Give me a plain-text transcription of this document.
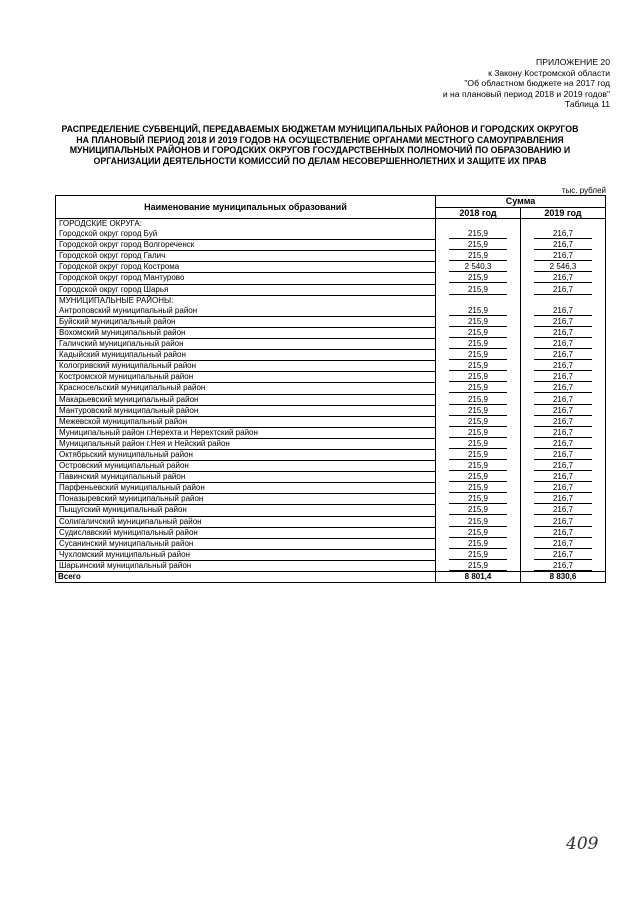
ПРИЛОЖЕНИЕ 20
к Закону Костромской области
"Об областном бюджете на 2017 год
и на плановый период 2018 и 2019 годов"
Таблица 11
РАСПРЕДЕЛЕНИЕ СУБВЕНЦИЙ, ПЕРЕДАВАЕМЫХ БЮДЖЕТАМ МУНИЦИПАЛЬНЫХ РАЙОНОВ И ГОРОДСКИХ ОКРУГОВ НА ПЛАНОВЫЙ ПЕРИОД 2018 И 2019 ГОДОВ НА ОСУЩЕСТВЛЕНИЕ ОРГАНАМИ МЕСТНОГО САМОУПРАВЛЕНИЯ МУНИЦИПАЛЬНЫХ РАЙОНОВ И ГОРОДСКИХ ОКРУГОВ ГОСУДАРСТВЕННЫХ ПОЛНОМОЧИЙ ПО ОБРАЗОВАНИЮ И ОРГАНИЗАЦИИ ДЕЯТЕЛЬНОСТИ КОМИССИЙ ПО ДЕЛАМ НЕСОВЕРШЕННОЛЕТНИХ И ЗАЩИТЕ ИХ ПРАВ
тыс. рублей
Наименование муниципальных образований	Сумма	
	2018 год	2019 год
ГОРОДСКИЕ ОКРУГА:		
Городской округ город Буй	215,9	216,7
Городской округ город Волгореченск	215,9	216,7
Городской округ город Галич	215,9	216,7
Городской округ город Кострома	2 540,3	2 546,3
Городской округ город Мантурово	215,9	216,7
Городской округ город Шарья	215,9	216,7
МУНИЦИПАЛЬНЫЕ РАЙОНЫ:		
Антроповский муниципальный район	215,9	216,7
Буйский муниципальный район	215,9	216,7
Вохомский муниципальный район	215,9	216,7
Галичский муниципальный район	215,9	216,7
Кадыйский муниципальный район	215,9	216,7
Кологривский муниципальный район	215,9	216,7
Костромской муниципальный район	215,9	216,7
Красносельский муниципальный район	215,9	216,7
Макарьевский муниципальный район	215,9	216,7
Мантуровский муниципальный район	215,9	216,7
Межевской муниципальный район	215,9	216,7
Муниципальный район г.Нерехта и Нерехтский район	215,9	216,7
Муниципальный район г.Нея и Нейский район	215,9	216,7
Октябрьский муниципальный район	215,9	216,7
Островский муниципальный район	215,9	216,7
Павинский муниципальный район	215,9	216,7
Парфеньевский муниципальный район	215,9	216,7
Поназыревский муниципальный район	215,9	216,7
Пыщугский муниципальный район	215,9	216,7
Солигаличский муниципальный район	215,9	216,7
Судиславский муниципальный район	215,9	216,7
Сусанинский муниципальный район	215,9	216,7
Чухломский муниципальный район	215,9	216,7
Шарьинский муниципальный район	215,9	216,7
Всего	8 801,4	8 830,6
409
